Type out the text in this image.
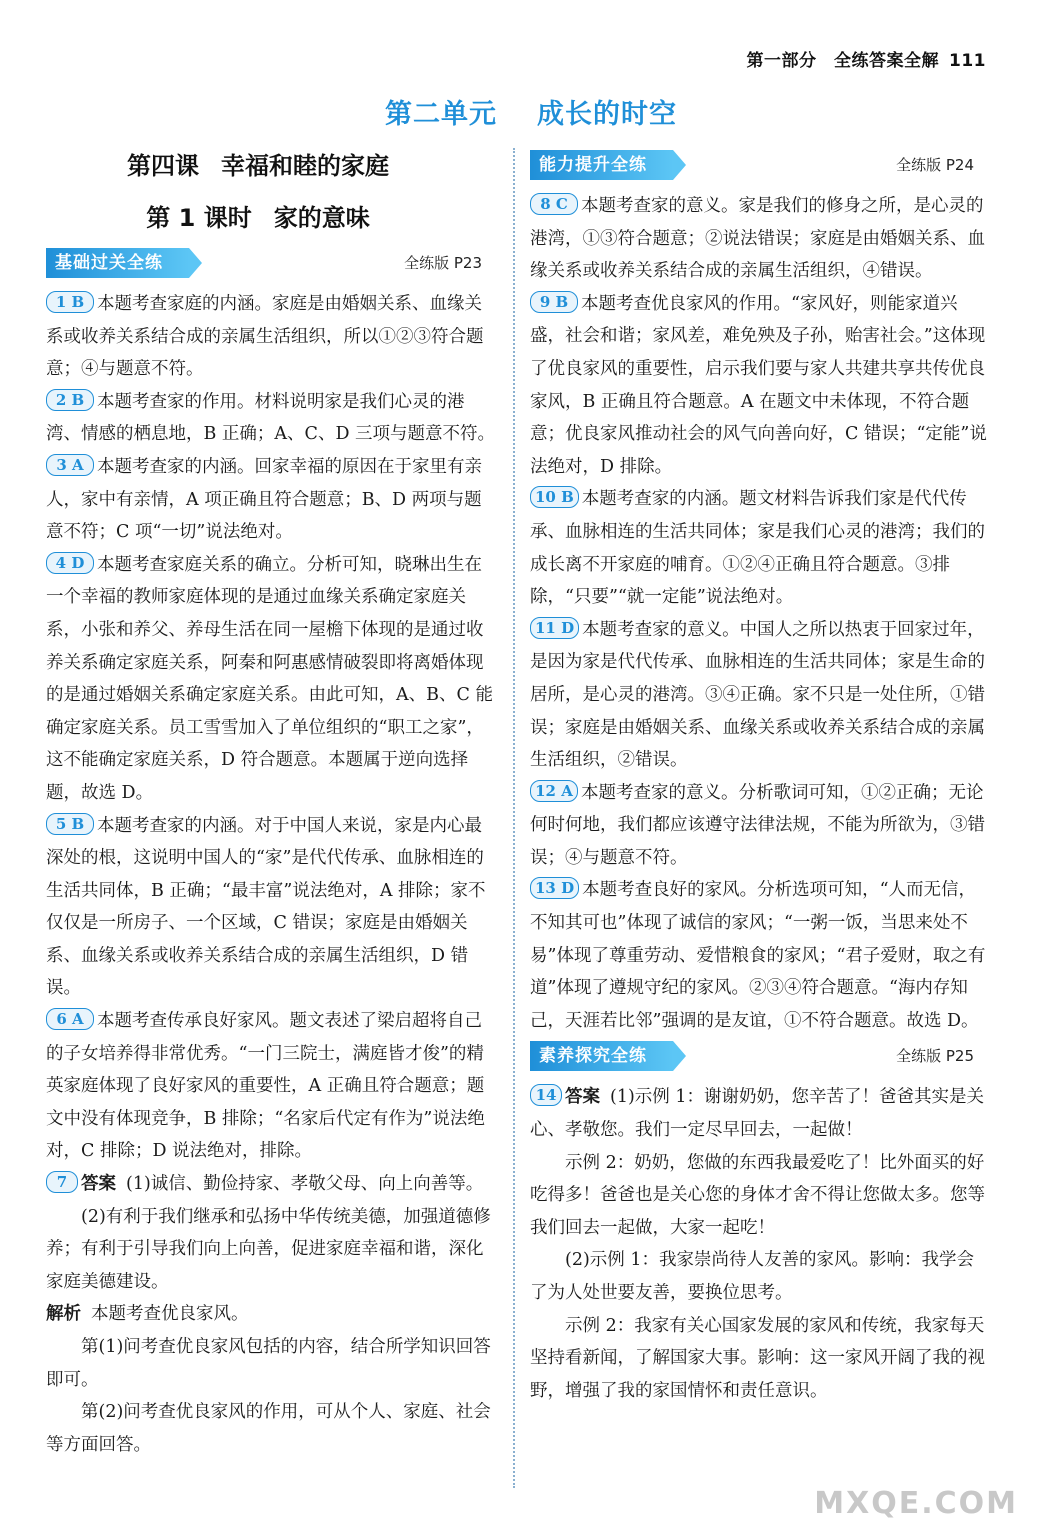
第一部分　全练答案全解 111
第二单元 成长的时空
第四课 幸福和睦的家庭
第 1 课时 家的意味
基础过关全练	全练版 P23

1 B 本题考查家庭的内涵。家庭是由婚姻关系、血缘关系或收养关系结合成的亲属生活组织，所以①②③符合题意；④与题意不符。

2 B 本题考查家的作用。材料说明家是我们心灵的港湾、情感的栖息地，B 正确；A、C、D 三项与题意不符。

3 A 本题考查家的内涵。回家幸福的原因在于家里有亲人，家中有亲情，A 项正确且符合题意；B、D 两项与题意不符；C 项“一切”说法绝对。

4 D 本题考查家庭关系的确立。分析可知，晓琳出生在一个幸福的教师家庭体现的是通过血缘关系确定家庭关系，小张和养父、养母生活在同一屋檐下体现的是通过收养关系确定家庭关系，阿秦和阿惠感情破裂即将离婚体现的是通过婚姻关系确定家庭关系。由此可知，A、B、C 能确定家庭关系。员工雪雪加入了单位组织的“职工之家”，这不能确定家庭关系，D 符合题意。本题属于逆向选择题，故选 D。

5 B 本题考查家的内涵。对于中国人来说，家是内心最深处的根，这说明中国人的“家”是代代传承、血脉相连的生活共同体，B 正确；“最丰富”说法绝对，A 排除；家不仅仅是一所房子、一个区域，C 错误；家庭是由婚姻关系、血缘关系或收养关系结合成的亲属生活组织，D 错误。

6 A 本题考查传承良好家风。题文表述了梁启超将自己的子女培养得非常优秀。“一门三院士，满庭皆才俊”的精英家庭体现了良好家风的重要性，A 正确且符合题意；题文中没有体现竞争，B 排除；“名家后代定有作为”说法绝对，C 排除；D 说法绝对，排除。

7 答案 (1)诚信、勤俭持家、孝敬父母、向上向善等。

(2)有利于我们继承和弘扬中华传统美德，加强道德修养；有利于引导我们向上向善，促进家庭幸福和谐，深化家庭美德建设。

解析 本题考查优良家风。

第(1)问考查优良家风包括的内容，结合所学知识回答即可。

第(2)问考查优良家风的作用，可从个人、家庭、社会等方面回答。

能力提升全练	全练版 P24

8 C 本题考查家的意义。家是我们的修身之所，是心灵的港湾，①③符合题意；②说法错误；家庭是由婚姻关系、血缘关系或收养关系结合成的亲属生活组织，④错误。

9 B 本题考查优良家风的作用。“家风好，则能家道兴盛，社会和谐；家风差，难免殃及子孙，贻害社会。”这体现了优良家风的重要性，启示我们要与家人共建共享共传优良家风，B 正确且符合题意。A 在题文中未体现，不符合题意；优良家风推动社会的风气向善向好，C 错误；“定能”说法绝对，D 排除。

10 B 本题考查家的内涵。题文材料告诉我们家是代代传承、血脉相连的生活共同体；家是我们心灵的港湾；我们的成长离不开家庭的哺育。①②④正确且符合题意。③排除，“只要”“就一定能”说法绝对。

11 D 本题考查家的意义。中国人之所以热衷于回家过年，是因为家是代代传承、血脉相连的生活共同体；家是生命的居所，是心灵的港湾。③④正确。家不只是一处住所，①错误；家庭是由婚姻关系、血缘关系或收养关系结合成的亲属生活组织，②错误。

12 A 本题考查家的意义。分析歌词可知，①②正确；无论何时何地，我们都应该遵守法律法规，不能为所欲为，③错误；④与题意不符。

13 D 本题考查良好的家风。分析选项可知，“人而无信，不知其可也”体现了诚信的家风；“一粥一饭，当思来处不易”体现了尊重劳动、爱惜粮食的家风；“君子爱财，取之有道”体现了遵规守纪的家风。②③④符合题意。“海内存知己，天涯若比邻”强调的是友谊，①不符合题意。故选 D。

素养探究全练	全练版 P25

14 答案 (1)示例 1：谢谢奶奶，您辛苦了！爸爸其实是关心、孝敬您。我们一定尽早回去，一起做！

示例 2：奶奶，您做的东西我最爱吃了！比外面买的好吃得多！爸爸也是关心您的身体才舍不得让您做太多。您等我们回去一起做，大家一起吃！

(2)示例 1：我家崇尚待人友善的家风。影响：我学会了为人处世要友善，要换位思考。

示例 2：我家有关心国家发展的家风和传统，我家每天坚持看新闻，了解国家大事。影响：这一家风开阔了我的视野，增强了我的家国情怀和责任意识。

MXQE.COM
